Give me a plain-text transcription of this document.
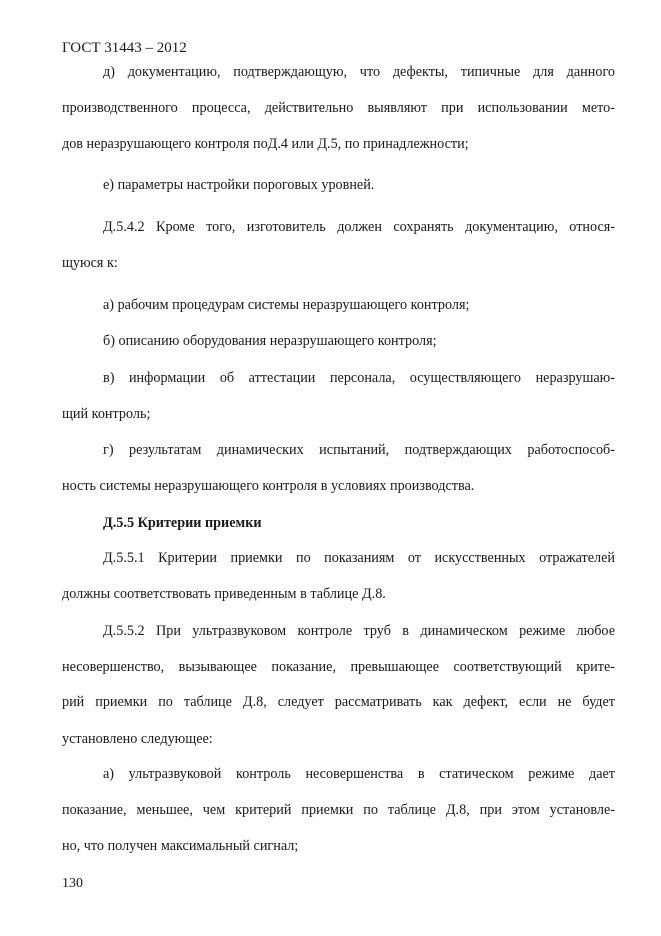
ГОСТ 31443 – 2012
д) документацию, подтверждающую, что дефекты, типичные для данного
производственного процесса, действительно выявляют при использовании мето-
дов неразрушающего контроля поД.4 или Д.5, по принадлежности;
е) параметры настройки пороговых уровней.
Д.5.4.2 Кроме того, изготовитель должен сохранять документацию, относя-
щуюся к:
а) рабочим процедурам системы неразрушающего контроля;
б) описанию оборудования неразрушающего контроля;
в) информации об аттестации персонала, осуществляющего неразрушаю-
щий контроль;
г) результатам динамических испытаний, подтверждающих работоспособ-
ность системы неразрушающего контроля в условиях производства.
Д.5.5 Критерии приемки
Д.5.5.1 Критерии приемки по показаниям от искусственных отражателей
должны соответствовать приведенным в таблице Д.8.
Д.5.5.2 При ультразвуковом контроле труб в динамическом режиме любое
несовершенство, вызывающее показание, превышающее соответствующий крите-
рий приемки по таблице Д.8, следует рассматривать как дефект, если не будет
установлено следующее:
а) ультразвуковой контроль несовершенства в статическом режиме дает
показание, меньшее, чем критерий приемки по таблице Д.8, при этом установле-
но, что получен максимальный сигнал;
130
